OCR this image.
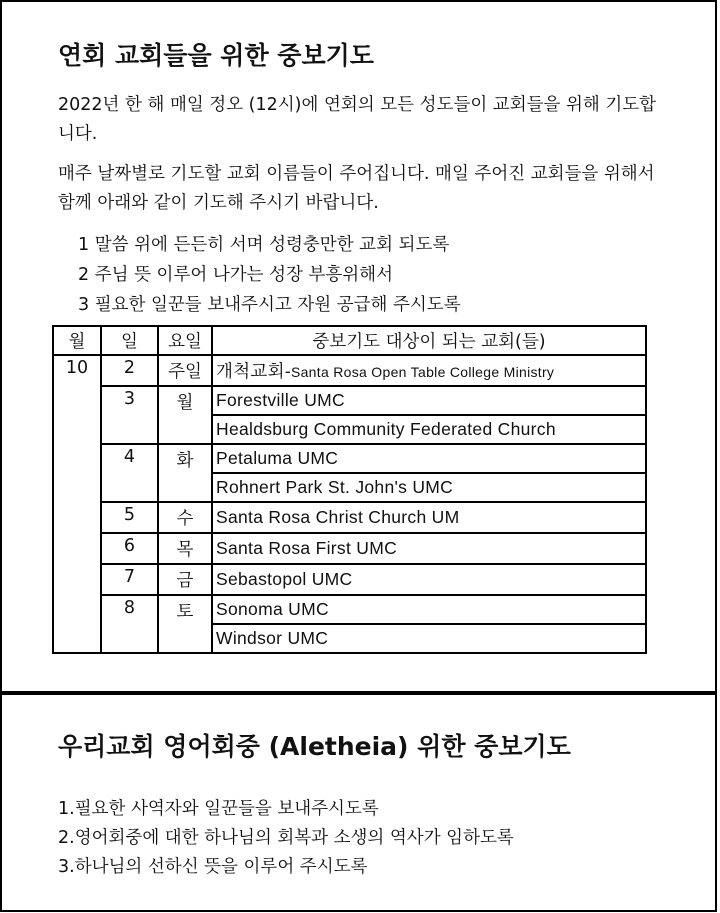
연회 교회들을 위한 중보기도
2022년 한 해 매일 정오 (12시)에 연회의 모든 성도들이 교회들을 위해 기도합니다.
매주 날짜별로 기도할 교회 이름들이 주어집니다. 매일 주어진 교회들을 위해서 함께 아래와 같이 기도해 주시기 바랍니다.
1 말씀 위에 든든히 서며 성령충만한 교회 되도록
2 주님 뜻 이루어 나가는 성장 부흥위해서
3 필요한 일꾼들 보내주시고 자원 공급해 주시도록
월	일	요일	중보기도 대상이 되는 교회(들)
10	2	주일	개척교회-Santa Rosa Open Table College Ministry
	3	월	Forestville UMC
			Healdsburg Community Federated Church
	4	화	Petaluma UMC
			Rohnert Park St. John's UMC
	5	수	Santa Rosa Christ Church UM
	6	목	Santa Rosa First UMC
	7	금	Sebastopol UMC
	8	토	Sonoma UMC
			Windsor UMC
우리교회 영어회중 (Aletheia) 위한 중보기도
1.필요한 사역자와 일꾼들을 보내주시도록
2.영어회중에 대한 하나님의 회복과 소생의 역사가 임하도록
3.하나님의 선하신 뜻을 이루어 주시도록
